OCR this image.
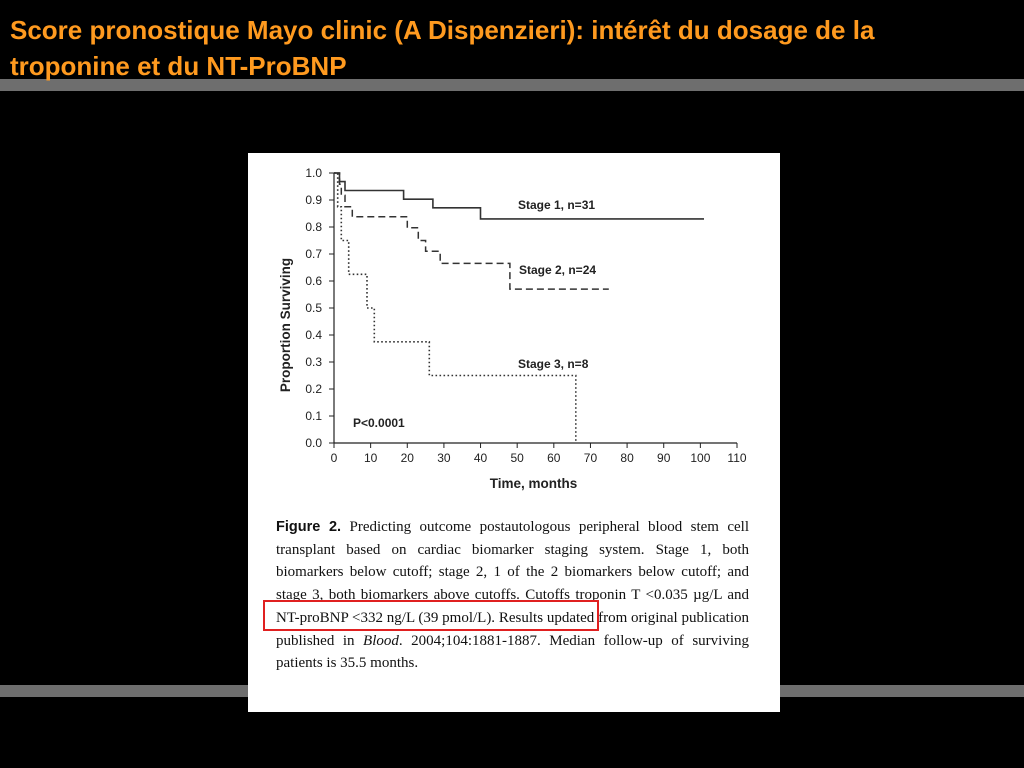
Score pronostique Mayo clinic (A Dispenzieri): intérêt du dosage de la troponine et du NT-ProBNP
0 10 20 30 40 50 60 70 80 90 100 110
0.0
0.1
0.2
0.3
0.4
0.5
0.6
0.7
0.8
0.9
1.0
Time, months
Proportion Surviving
Stage 1, n=31
Stage 2, n=24
Stage 3, n=8
P<0.0001

Figure 2. Predicting outcome postautologous peripheral blood stem cell transplant based on cardiac biomarker staging system. Stage 1, both biomarkers below cutoff; stage 2, 1 of the 2 biomarkers below cutoff; and stage 3, both biomarkers above cutoffs. Cutoffs troponin T <0.035 µg/L and NT-proBNP <332 ng/L (39 pmol/L). Results updated from original publication published in Blood. 2004;104:1881-1887. Median follow-up of surviving patients is 35.5 months.
